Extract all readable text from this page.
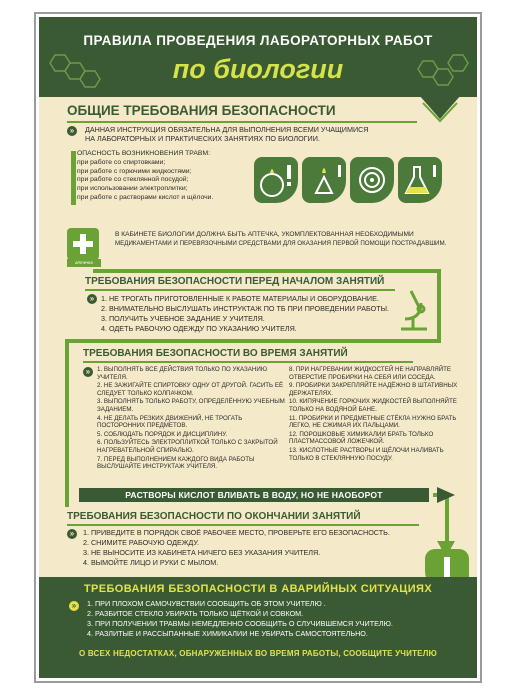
ПРАВИЛА ПРОВЕДЕНИЯ ЛАБОРАТОРНЫХ РАБОТ
по биологии
ОБЩИЕ ТРЕБОВАНИЯ БЕЗОПАСНОСТИ
»	ДАННАЯ ИНСТРУКЦИЯ ОБЯЗАТЕЛЬНА ДЛЯ ВЫПОЛНЕНИЯ ВСЕМИ УЧАЩИМИСЯ
НА ЛАБОРАТОРНЫХ И ПРАКТИЧЕСКИХ ЗАНЯТИЯХ ПО БИОЛОГИИ.
ОПАСНОСТЬ ВОЗНИКНОВЕНИЯ ТРАВМ:
при работе со спиртовками;
при работе с горючими жидкостями;
при работе со стеклянной посудой;
при использовании электроплитки;
при работе с растворами кислот и щёлочи.
аптечка
В КАБИНЕТЕ БИОЛОГИИ ДОЛЖНА БЫТЬ АПТЕЧКА, УКОМПЛЕКТОВАННАЯ НЕОБХОДИМЫМИ
МЕДИКАМЕНТАМИ И ПЕРЕВЯЗОЧНЫМИ СРЕДСТВАМИ ДЛЯ ОКАЗАНИЯ ПЕРВОЙ ПОМОЩИ ПОСТРАДАВШИМ.
ТРЕБОВАНИЯ БЕЗОПАСНОСТИ ПЕРЕД НАЧАЛОМ ЗАНЯТИЙ
» 1. НЕ ТРОГАТЬ ПРИГОТОВЛЕННЫЕ К РАБОТЕ МАТЕРИАЛЫ И ОБОРУДОВАНИЕ.
2. ВНИМАТЕЛЬНО ВЫСЛУШАТЬ ИНСТРУКТАЖ ПО ТБ ПРИ ПРОВЕДЕНИИ РАБОТЫ.
3. ПОЛУЧИТЬ УЧЕБНОЕ ЗАДАНИЕ У УЧИТЕЛЯ.
4. ОДЕТЬ РАБОЧУЮ ОДЕЖДУ ПО УКАЗАНИЮ УЧИТЕЛЯ.
ТРЕБОВАНИЯ БЕЗОПАСНОСТИ ВО ВРЕМЯ ЗАНЯТИЙ
»	1. ВЫПОЛНЯТЬ ВСЕ ДЕЙСТВИЯ ТОЛЬКО ПО УКАЗАНИЮ УЧИТЕЛЯ.
2. НЕ ЗАЖИГАЙТЕ СПИРТОВКУ ОДНУ ОТ ДРУГОЙ. ГАСИТЬ ЕЁ СЛЕДУЕТ ТОЛЬКО КОЛПАЧКОМ.
3. ВЫПОЛНЯТЬ ТОЛЬКО РАБОТУ, ОПРЕДЕЛЁННУЮ УЧЕБНЫМ ЗАДАНИЕМ.
4. НЕ ДЕЛАТЬ РЕЗКИХ ДВИЖЕНИЙ, НЕ ТРОГАТЬ ПОСТОРОННИХ ПРЕДМЕТОВ.
5. СОБЛЮДАТЬ ПОРЯДОК И ДИСЦИПЛИНУ.
6. ПОЛЬЗУЙТЕСЬ ЭЛЕКТРОПЛИТКОЙ ТОЛЬКО С ЗАКРЫТОЙ НАГРЕВАТЕЛЬНОЙ СПИРАЛЬЮ.
7. ПЕРЕД ВЫПОЛНЕНИЕМ КАЖДОГО ВИДА РАБОТЫ ВЫСЛУШАЙТЕ ИНСТРУКТАЖ УЧИТЕЛЯ.
8. ПРИ НАГРЕВАНИИ ЖИДКОСТЕЙ НЕ НАПРАВЛЯЙТЕ ОТВЕРСТИЕ ПРОБИРКИ НА СЕБЯ ИЛИ СОСЕДА.
9. ПРОБИРКИ ЗАКРЕПЛЯЙТЕ НАДЁЖНО В ШТАТИВНЫХ ДЕРЖАТЕЛЯХ.
10. КИПЯЧЕНИЕ ГОРЮЧИХ ЖИДКОСТЕЙ ВЫПОЛНЯЙТЕ ТОЛЬКО НА ВОДЯНОЙ БАНЕ.
11. ПРОБИРКИ И ПРЕДМЕТНЫЕ СТЁКЛА НУЖНО БРАТЬ ЛЕГКО, НЕ СЖИМАЯ ИХ ПАЛЬЦАМИ.
12. ПОРОШКОВЫЕ ХИМИКАЛИИ БРАТЬ ТОЛЬКО ПЛАСТМАССОВОЙ ЛОЖЕЧКОЙ.
13. КИСЛОТНЫЕ РАСТВОРЫ И ЩЁЛОЧИ НАЛИВАТЬ ТОЛЬКО В СТЕКЛЯННУЮ ПОСУДУ.
РАСТВОРЫ КИСЛОТ ВЛИВАТЬ В ВОДУ, НО НЕ НАОБОРОТ
ТРЕБОВАНИЯ БЕЗОПАСНОСТИ ПО ОКОНЧАНИИ ЗАНЯТИЙ
»	1. ПРИВЕДИТЕ В ПОРЯДОК СВОЁ РАБОЧЕЕ МЕСТО, ПРОВЕРЬТЕ ЕГО БЕЗОПАСНОСТЬ.
2. СНИМИТЕ РАБОЧУЮ ОДЕЖДУ.
3. НЕ ВЫНОСИТЕ ИЗ КАБИНЕТА НИЧЕГО БЕЗ УКАЗАНИЯ УЧИТЕЛЯ.
4. ВЫМОЙТЕ ЛИЦО И РУКИ С МЫЛОМ.
ТРЕБОВАНИЯ БЕЗОПАСНОСТИ В АВАРИЙНЫХ СИТУАЦИЯХ
»	1. ПРИ ПЛОХОМ САМОЧУВСТВИИ СООБЩИТЬ ОБ ЭТОМ УЧИТЕЛЮ .
2. РАЗБИТОЕ СТЕКЛО УБИРАТЬ ТОЛЬКО ЩЁТКОЙ И СОВКОМ.
3. ПРИ ПОЛУЧЕНИИ ТРАВМЫ НЕМЕДЛЕННО СООБЩИТЬ О СЛУЧИВШЕМСЯ УЧИТЕЛЮ.
4. РАЗЛИТЫЕ И РАССЫПАННЫЕ ХИМИКАЛИИ НЕ УБИРАТЬ САМОСТОЯТЕЛЬНО.
О ВСЕХ НЕДОСТАТКАХ, ОБНАРУЖЕННЫХ ВО ВРЕМЯ РАБОТЫ, СООБЩИТЕ УЧИТЕЛЮ
